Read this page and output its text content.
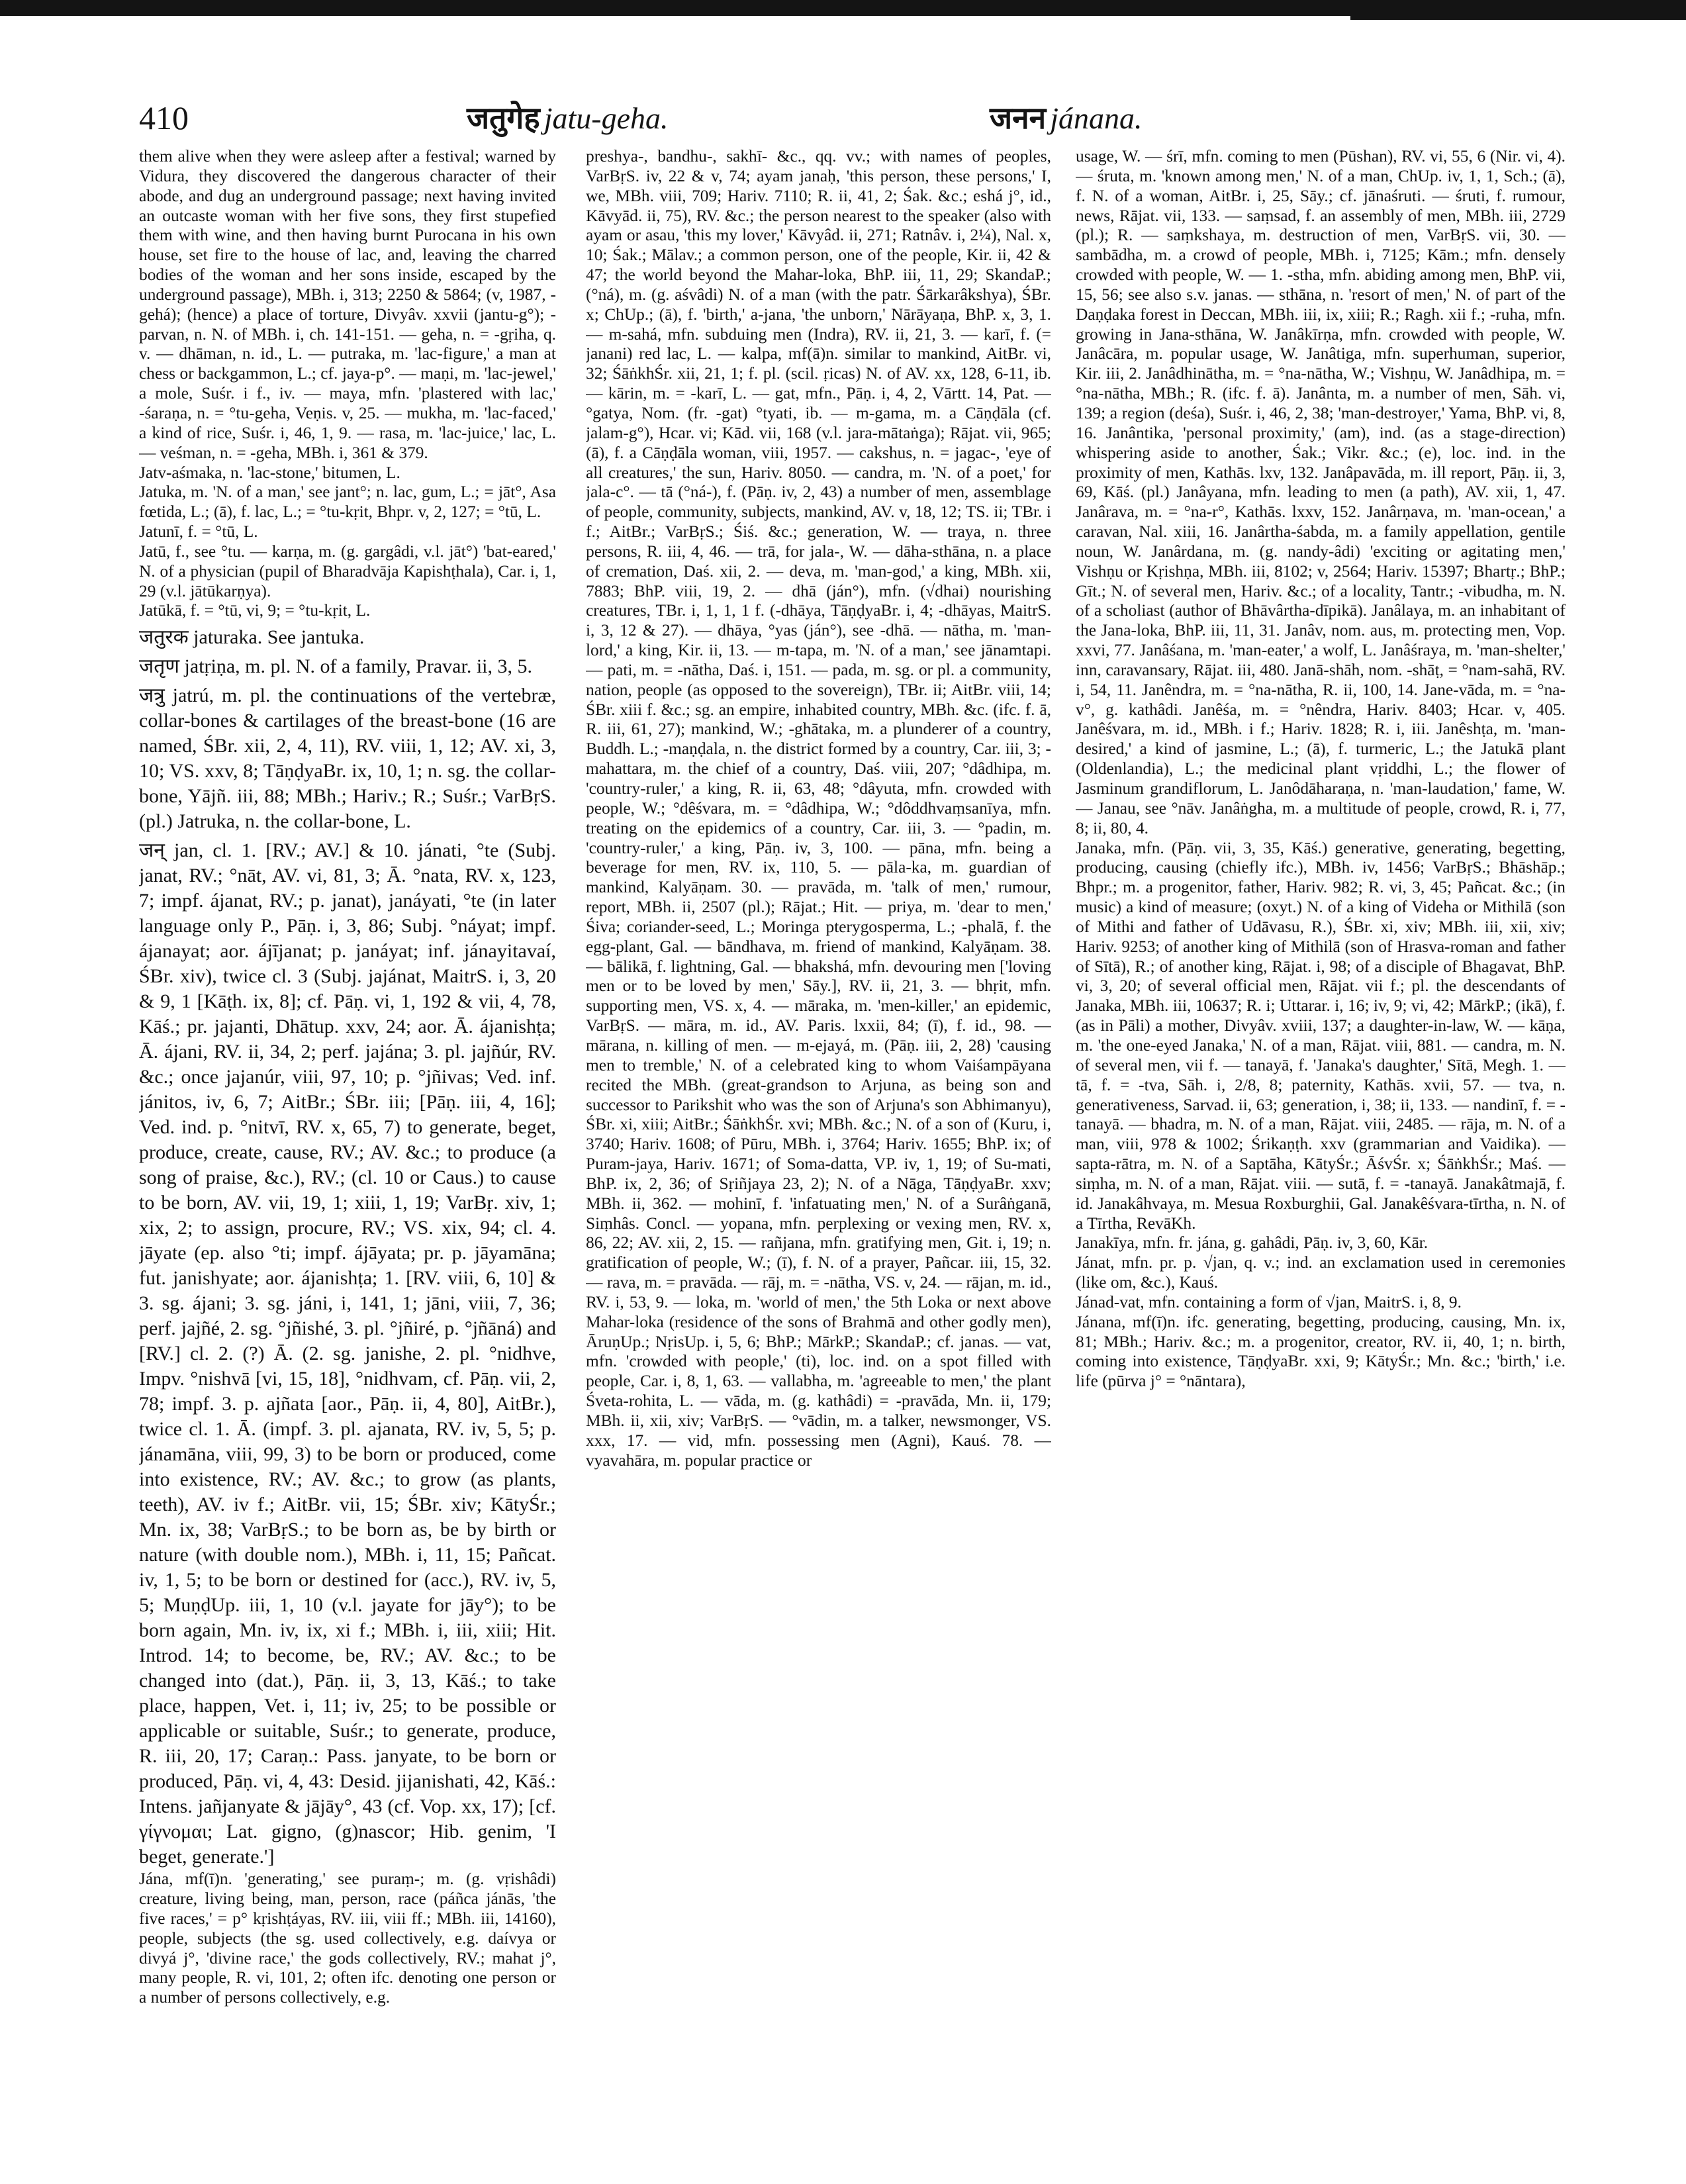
410	जतुगेह jatu-geha.	जनन jánana.

them alive when they were asleep after a festival; warned by Vidura, they discovered the dangerous character of their abode, and dug an underground passage; next having invited an outcaste woman with her five sons, they first stupefied them with wine, and then having burnt Purocana in his own house, set fire to the house of lac, and, leaving the charred bodies of the woman and her sons inside, escaped by the underground passage), MBh. i, 313; 2250 & 5864; (v, 1987, -gehá); (hence) a place of torture, Divyâv. xxvii (jantu-g°); -parvan, n. N. of MBh. i, ch. 141-151. — geha, n. = -gṛiha, q. v. — dhāman, n. id., L. — putraka, m. 'lac-figure,' a man at chess or backgammon, L.; cf. jaya-p°. — maṇi, m. 'lac-jewel,' a mole, Suśr. i f., iv. — maya, mfn. 'plastered with lac,' -śaraṇa, n. = °tu-geha, Veṇis. v, 25. — mukha, m. 'lac-faced,' a kind of rice, Suśr. i, 46, 1, 9. — rasa, m. 'lac-juice,' lac, L. — veśman, n. = -geha, MBh. i, 361 & 379.

Jatv-aśmaka, n. 'lac-stone,' bitumen, L.

Jatuka, m. 'N. of a man,' see jant°; n. lac, gum, L.; = jāt°, Asa fœtida, L.; (ā), f. lac, L.; = °tu-kṛit, Bhpr. v, 2, 127; = °tū, L.

Jatunī, f. = °tū, L.

Jatū, f., see °tu. — karṇa, m. (g. gargâdi, v.l. jāt°) 'bat-eared,' N. of a physician (pupil of Bharadvāja Kapishṭhala), Car. i, 1, 29 (v.l. jātūkarṇya).

Jatūkā, f. = °tū, vi, 9; = °tu-kṛit, L.

जतुरक jaturaka. See jantuka.

जतृण jatṛiṇa, m. pl. N. of a family, Pravar. ii, 3, 5.

जत्रु jatrú, m. pl. the continuations of the vertebræ, collar-bones & cartilages of the breast-bone (16 are named, ŚBr. xii, 2, 4, 11), RV. viii, 1, 12; AV. xi, 3, 10; VS. xxv, 8; TāṇḍyaBr. ix, 10, 1; n. sg. the collar-bone, Yājñ. iii, 88; MBh.; Hariv.; R.; Suśr.; VarBṛS. (pl.) Jatruka, n. the collar-bone, L.

जन् jan, cl. 1. [RV.; AV.] & 10. jánati, °te (Subj. janat, RV.; °nāt, AV. vi, 81, 3; Ā. °nata, RV. x, 123, 7; impf. ájanat, RV.; p. janat), janáyati, °te (in later language only P., Pāṇ. i, 3, 86; Subj. °náyat; impf. ájanayat; aor. ájījanat; p. janáyat; inf. jánayitavaí, ŚBr. xiv), twice cl. 3 (Subj. jajánat, MaitrS. i, 3, 20 & 9, 1 [Kāṭh. ix, 8]; cf. Pāṇ. vi, 1, 192 & vii, 4, 78, Kāś.; pr. jajanti, Dhātup. xxv, 24; aor. Ā. ájanishṭa; Ā. ájani, RV. ii, 34, 2; perf. jajána; 3. pl. jajñúr, RV. &c.; once jajanúr, viii, 97, 10; p. °jñivas; Ved. inf. jánitos, iv, 6, 7; AitBr.; ŚBr. iii; [Pāṇ. iii, 4, 16]; Ved. ind. p. °nitvī, RV. x, 65, 7) to generate, beget, produce, create, cause, RV.; AV. &c.; to produce (a song of praise, &c.), RV.; (cl. 10 or Caus.) to cause to be born, AV. vii, 19, 1; xiii, 1, 19; VarBṛ. xiv, 1; xix, 2; to assign, procure, RV.; VS. xix, 94; cl. 4. jāyate (ep. also °ti; impf. ájāyata; pr. p. jāyamāna; fut. janishyate; aor. ájanishṭa; 1. [RV. viii, 6, 10] & 3. sg. ájani; 3. sg. jáni, i, 141, 1; jāni, viii, 7, 36; perf. jajñé, 2. sg. °jñishé, 3. pl. °jñiré, p. °jñāná) and [RV.] cl. 2. (?) Ā. (2. sg. janishe, 2. pl. °nidhve, Impv. °nishvā [vi, 15, 18], °nidhvam, cf. Pāṇ. vii, 2, 78; impf. 3. p. ajñata [aor., Pāṇ. ii, 4, 80], AitBr.), twice cl. 1. Ā. (impf. 3. pl. ajanata, RV. iv, 5, 5; p. jánamāna, viii, 99, 3) to be born or produced, come into existence, RV.; AV. &c.; to grow (as plants, teeth), AV. iv f.; AitBr. vii, 15; ŚBr. xiv; KātyŚr.; Mn. ix, 38; VarBṛS.; to be born as, be by birth or nature (with double nom.), MBh. i, 11, 15; Pañcat. iv, 1, 5; to be born or destined for (acc.), RV. iv, 5, 5; MuṇḍUp. iii, 1, 10 (v.l. jayate for jāy°); to be born again, Mn. iv, ix, xi f.; MBh. i, iii, xiii; Hit. Introd. 14; to become, be, RV.; AV. &c.; to be changed into (dat.), Pāṇ. ii, 3, 13, Kāś.; to take place, happen, Vet. i, 11; iv, 25; to be possible or applicable or suitable, Suśr.; to generate, produce, R. iii, 20, 17; Caraṇ.: Pass. janyate, to be born or produced, Pāṇ. vi, 4, 43: Desid. jijanishati, 42, Kāś.: Intens. jañjanyate & jājāy°, 43 (cf. Vop. xx, 17); [cf. γίγνομαι; Lat. gigno, (g)nascor; Hib. genim, 'I beget, generate.']

Jána, mf(ī)n. 'generating,' see puraṃ-; m. (g. vṛishâdi) creature, living being, man, person, race (páñca jánās, 'the five races,' = p° kṛishṭáyas, RV. iii, viii ff.; MBh. iii, 14160), people, subjects (the sg. used collectively, e.g. daívya or divyá j°, 'divine race,' the gods collectively, RV.; mahat j°, many people, R. vi, 101, 2; often ifc. denoting one person or a number of persons collectively, e.g.

preshya-, bandhu-, sakhī- &c., qq. vv.; with names of peoples, VarBṛS. iv, 22 & v, 74; ayam janaḥ, 'this person, these persons,' I, we, MBh. viii, 709; Hariv. 7110; R. ii, 41, 2; Śak. &c.; eshá j°, id., Kāvyād. ii, 75), RV. &c.; the person nearest to the speaker (also with ayam or asau, 'this my lover,' Kāvyâd. ii, 271; Ratnâv. i, 2¼), Nal. x, 10; Śak.; Mālav.; a common person, one of the people, Kir. ii, 42 & 47; the world beyond the Mahar-loka, BhP. iii, 11, 29; SkandaP.; (°ná), m. (g. aśvâdi) N. of a man (with the patr. Śārkarâkshya), ŚBr. x; ChUp.; (ā), f. 'birth,' a-jana, 'the unborn,' Nārāyaṇa, BhP. x, 3, 1. — m-sahá, mfn. subduing men (Indra), RV. ii, 21, 3. — karī, f. (= janani) red lac, L. — kalpa, mf(ā)n. similar to mankind, AitBr. vi, 32; ŚāṅkhŚr. xii, 21, 1; f. pl. (scil. ṛicas) N. of AV. xx, 128, 6-11, ib. — kārin, m. = -karī, L. — gat, mfn., Pāṇ. i, 4, 2, Vārtt. 14, Pat. — °gatya, Nom. (fr. -gat) °tyati, ib. — m-gama, m. a Cāṇḍāla (cf. jalam-g°), Hcar. vi; Kād. vii, 168 (v.l. jara-mātaṅga); Rājat. vii, 965; (ā), f. a Cāṇḍāla woman, viii, 1957. — cakshus, n. = jagac-, 'eye of all creatures,' the sun, Hariv. 8050. — candra, m. 'N. of a poet,' for jala-c°. — tā (°ná-), f. (Pāṇ. iv, 2, 43) a number of men, assemblage of people, community, subjects, mankind, AV. v, 18, 12; TS. ii; TBr. i f.; AitBr.; VarBṛS.; Śiś. &c.; generation, W. — traya, n. three persons, R. iii, 4, 46. — trā, for jala-, W. — dāha-sthāna, n. a place of cremation, Daś. xii, 2. — deva, m. 'man-god,' a king, MBh. xii, 7883; BhP. viii, 19, 2. — dhā (ján°), mfn. (√dhai) nourishing creatures, TBr. i, 1, 1, 1 f. (-dhāya, TāṇḍyaBr. i, 4; -dhāyas, MaitrS. i, 3, 12 & 27). — dhāya, °yas (ján°), see -dhā. — nātha, m. 'man-lord,' a king, Kir. ii, 13. — m-tapa, m. 'N. of a man,' see jānamtapi. — pati, m. = -nātha, Daś. i, 151. — pada, m. sg. or pl. a community, nation, people (as opposed to the sovereign), TBr. ii; AitBr. viii, 14; ŚBr. xiii f. &c.; sg. an empire, inhabited country, MBh. &c. (ifc. f. ā, R. iii, 61, 27); mankind, W.; -ghātaka, m. a plunderer of a country, Buddh. L.; -maṇḍala, n. the district formed by a country, Car. iii, 3; -mahattara, m. the chief of a country, Daś. viii, 207; °dâdhipa, m. 'country-ruler,' a king, R. ii, 63, 48; °dâyuta, mfn. crowded with people, W.; °dêśvara, m. = °dâdhipa, W.; °dôddhvaṃsanīya, mfn. treating on the epidemics of a country, Car. iii, 3. — °padin, m. 'country-ruler,' a king, Pāṇ. iv, 3, 100. — pāna, mfn. being a beverage for men, RV. ix, 110, 5. — pāla-ka, m. guardian of mankind, Kalyāṇam. 30. — pravāda, m. 'talk of men,' rumour, report, MBh. ii, 2507 (pl.); Rājat.; Hit. — priya, m. 'dear to men,' Śiva; coriander-seed, L.; Moringa pterygosperma, L.; -phalā, f. the egg-plant, Gal. — bāndhava, m. friend of mankind, Kalyāṇam. 38. — bālikā, f. lightning, Gal. — bhakshá, mfn. devouring men ['loving men or to be loved by men,' Sāy.], RV. ii, 21, 3. — bhṛit, mfn. supporting men, VS. x, 4. — māraka, m. 'men-killer,' an epidemic, VarBṛS. — māra, m. id., AV. Paris. lxxii, 84; (ī), f. id., 98. — mārana, n. killing of men. — m-ejayá, m. (Pāṇ. iii, 2, 28) 'causing men to tremble,' N. of a celebrated king to whom Vaiśampāyana recited the MBh. (great-grandson to Arjuna, as being son and successor to Parikshit who was the son of Arjuna's son Abhimanyu), ŚBr. xi, xiii; AitBr.; ŚāṅkhŚr. xvi; MBh. &c.; N. of a son of (Kuru, i, 3740; Hariv. 1608; of Pūru, MBh. i, 3764; Hariv. 1655; BhP. ix; of Puram-jaya, Hariv. 1671; of Soma-datta, VP. iv, 1, 19; of Su-mati, BhP. ix, 2, 36; of Sṛiñjaya 23, 2); N. of a Nāga, TāṇḍyaBr. xxv; MBh. ii, 362. — mohinī, f. 'infatuating men,' N. of a Surâṅganā, Siṃhâs. Concl. — yopana, mfn. perplexing or vexing men, RV. x, 86, 22; AV. xii, 2, 15. — rañjana, mfn. gratifying men, Git. i, 19; n. gratification of people, W.; (ī), f. N. of a prayer, Pañcar. iii, 15, 32. — rava, m. = pravāda. — rāj, m. = -nātha, VS. v, 24. — rājan, m. id., RV. i, 53, 9. — loka, m. 'world of men,' the 5th Loka or next above Mahar-loka (residence of the sons of Brahmā and other godly men), ĀruṇUp.; NṛisUp. i, 5, 6; BhP.; MārkP.; SkandaP.; cf. janas. — vat, mfn. 'crowded with people,' (ti), loc. ind. on a spot filled with people, Car. i, 8, 1, 63. — vallabha, m. 'agreeable to men,' the plant Śveta-rohita, L. — vāda, m. (g. kathâdi) = -pravāda, Mn. ii, 179; MBh. ii, xii, xiv; VarBṛS. — °vādin, m. a talker, newsmonger, VS. xxx, 17. — vid, mfn. possessing men (Agni), Kauś. 78. — vyavahāra, m. popular practice or

usage, W. — śrī, mfn. coming to men (Pūshan), RV. vi, 55, 6 (Nir. vi, 4). — śruta, m. 'known among men,' N. of a man, ChUp. iv, 1, 1, Sch.; (ā), f. N. of a woman, AitBr. i, 25, Sāy.; cf. jānaśruti. — śruti, f. rumour, news, Rājat. vii, 133. — saṃsad, f. an assembly of men, MBh. iii, 2729 (pl.); R. — saṃkshaya, m. destruction of men, VarBṛS. vii, 30. — sambādha, m. a crowd of people, MBh. i, 7125; Kām.; mfn. densely crowded with people, W. — 1. -stha, mfn. abiding among men, BhP. vii, 15, 56; see also s.v. janas. — sthāna, n. 'resort of men,' N. of part of the Daṇḍaka forest in Deccan, MBh. iii, ix, xiii; R.; Ragh. xii f.; -ruha, mfn. growing in Jana-sthāna, W. Janâkīrṇa, mfn. crowded with people, W. Janâcāra, m. popular usage, W. Janâtiga, mfn. superhuman, superior, Kir. iii, 2. Janâdhinātha, m. = °na-nātha, W.; Vishṇu, W. Janâdhipa, m. = °na-nātha, MBh.; R. (ifc. f. ā). Janânta, m. a number of men, Sāh. vi, 139; a region (deśa), Suśr. i, 46, 2, 38; 'man-destroyer,' Yama, BhP. vi, 8, 16. Janântika, 'personal proximity,' (am), ind. (as a stage-direction) whispering aside to another, Śak.; Vikr. &c.; (e), loc. ind. in the proximity of men, Kathās. lxv, 132. Janâpavāda, m. ill report, Pāṇ. ii, 3, 69, Kāś. (pl.) Janâyana, mfn. leading to men (a path), AV. xii, 1, 47. Janârava, m. = °na-r°, Kathās. lxxv, 152. Janârṇava, m. 'man-ocean,' a caravan, Nal. xiii, 16. Janârtha-śabda, m. a family appellation, gentile noun, W. Janârdana, m. (g. nandy-âdi) 'exciting or agitating men,' Vishṇu or Kṛishṇa, MBh. iii, 8102; v, 2564; Hariv. 15397; Bhartṛ.; BhP.; Gīt.; N. of several men, Hariv. &c.; of a locality, Tantr.; -vibudha, m. N. of a scholiast (author of Bhāvârtha-dīpikā). Janâlaya, m. an inhabitant of the Jana-loka, BhP. iii, 11, 31. Janâv, nom. aus, m. protecting men, Vop. xxvi, 77. Janâśana, m. 'man-eater,' a wolf, L. Janâśraya, m. 'man-shelter,' inn, caravansary, Rājat. iii, 480. Janā-shāh, nom. -shāṭ, = °nam-sahā, RV. i, 54, 11. Janêndra, m. = °na-nātha, R. ii, 100, 14. Jane-vāda, m. = °na-v°, g. kathâdi. Janêśa, m. = °nêndra, Hariv. 8403; Hcar. v, 405. Janêśvara, m. id., MBh. i f.; Hariv. 1828; R. i, iii. Janêshṭa, m. 'man-desired,' a kind of jasmine, L.; (ā), f. turmeric, L.; the Jatukā plant (Oldenlandia), L.; the medicinal plant vṛiddhi, L.; the flower of Jasminum grandiflorum, L. Janôdāharaṇa, n. 'man-laudation,' fame, W. — Janau, see °nāv. Janâṅgha, m. a multitude of people, crowd, R. i, 77, 8; ii, 80, 4.

Janaka, mfn. (Pāṇ. vii, 3, 35, Kāś.) generative, generating, begetting, producing, causing (chiefly ifc.), MBh. iv, 1456; VarBṛS.; Bhāshāp.; Bhpr.; m. a progenitor, father, Hariv. 982; R. vi, 3, 45; Pañcat. &c.; (in music) a kind of measure; (oxyt.) N. of a king of Videha or Mithilā (son of Mithi and father of Udāvasu, R.), ŚBr. xi, xiv; MBh. iii, xii, xiv; Hariv. 9253; of another king of Mithilā (son of Hrasva-roman and father of Sītā), R.; of another king, Rājat. i, 98; of a disciple of Bhagavat, BhP. vi, 3, 20; of several official men, Rājat. vii f.; pl. the descendants of Janaka, MBh. iii, 10637; R. i; Uttarar. i, 16; iv, 9; vi, 42; MārkP.; (ikā), f. (as in Pāli) a mother, Divyâv. xviii, 137; a daughter-in-law, W. — kāṇa, m. 'the one-eyed Janaka,' N. of a man, Rājat. viii, 881. — candra, m. N. of several men, vii f. — tanayā, f. 'Janaka's daughter,' Sītā, Megh. 1. — tā, f. = -tva, Sāh. i, 2/8, 8; paternity, Kathās. xvii, 57. — tva, n. generativeness, Sarvad. ii, 63; generation, i, 38; ii, 133. — nandinī, f. = -tanayā. — bhadra, m. N. of a man, Rājat. viii, 2485. — rāja, m. N. of a man, viii, 978 & 1002; Śrikaṇṭh. xxv (grammarian and Vaidika). — sapta-rātra, m. N. of a Saptāha, KātyŚr.; ĀśvŚr. x; ŚāṅkhŚr.; Maś. — siṃha, m. N. of a man, Rājat. viii. — sutā, f. = -tanayā. Janakâtmajā, f. id. Janakâhvaya, m. Mesua Roxburghii, Gal. Janakêśvara-tīrtha, n. N. of a Tīrtha, RevāKh.

Janakīya, mfn. fr. jána, g. gahâdi, Pāṇ. iv, 3, 60, Kār.

Jánat, mfn. pr. p. √jan, q. v.; ind. an exclamation used in ceremonies (like om, &c.), Kauś.

Jánad-vat, mfn. containing a form of √jan, MaitrS. i, 8, 9.

Jánana, mf(ī)n. ifc. generating, begetting, producing, causing, Mn. ix, 81; MBh.; Hariv. &c.; m. a progenitor, creator, RV. ii, 40, 1; n. birth, coming into existence, TāṇḍyaBr. xxi, 9; KātyŚr.; Mn. &c.; 'birth,' i.e. life (pūrva j° = °nāntara),
